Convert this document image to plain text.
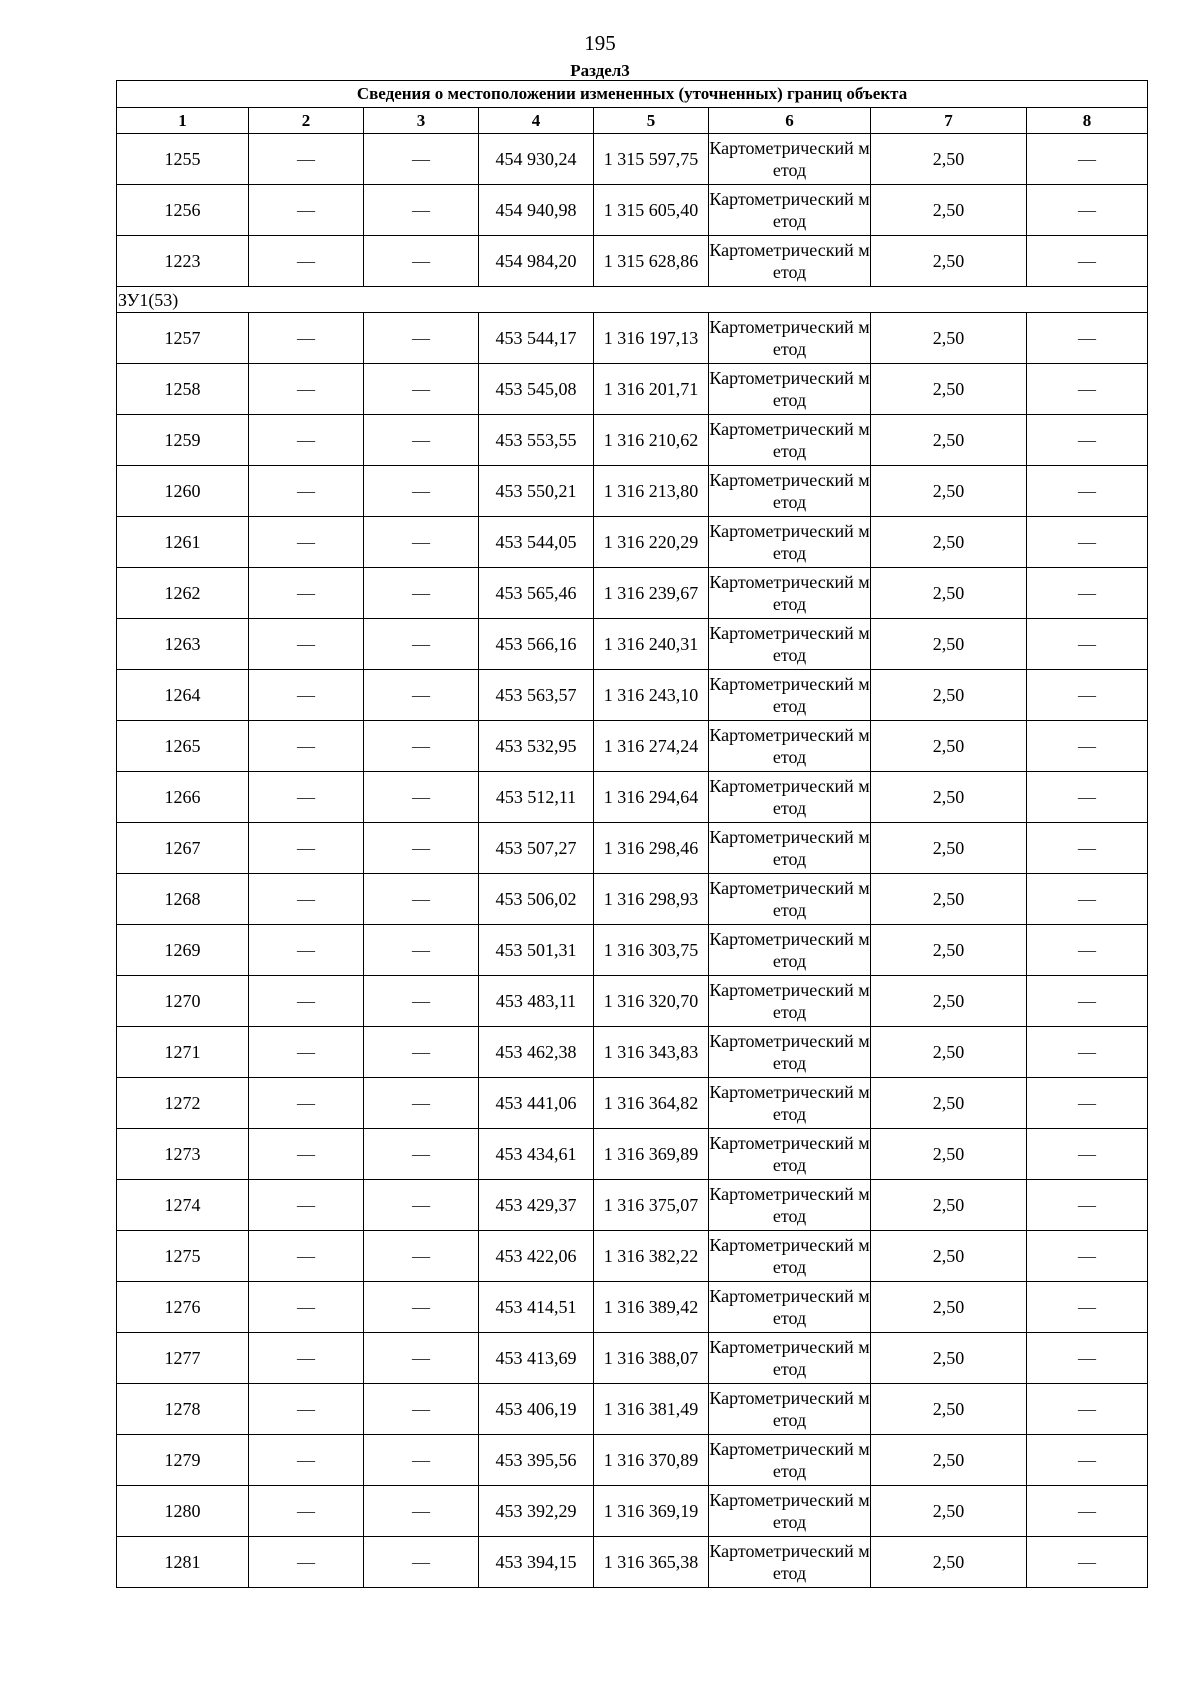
195
Раздел3
Сведения о местоположении измененных (уточненных) границ объекта							
1	2	3	4	5	6	7	8
1255	—	—	454 930,24	1 315 597,75	Картометрический метод	2,50	—
1256	—	—	454 940,98	1 315 605,40	Картометрический метод	2,50	—
1223	—	—	454 984,20	1 315 628,86	Картометрический метод	2,50	—
ЗУ1(53)							
1257	—	—	453 544,17	1 316 197,13	Картометрический метод	2,50	—
1258	—	—	453 545,08	1 316 201,71	Картометрический метод	2,50	—
1259	—	—	453 553,55	1 316 210,62	Картометрический метод	2,50	—
1260	—	—	453 550,21	1 316 213,80	Картометрический метод	2,50	—
1261	—	—	453 544,05	1 316 220,29	Картометрический метод	2,50	—
1262	—	—	453 565,46	1 316 239,67	Картометрический метод	2,50	—
1263	—	—	453 566,16	1 316 240,31	Картометрический метод	2,50	—
1264	—	—	453 563,57	1 316 243,10	Картометрический метод	2,50	—
1265	—	—	453 532,95	1 316 274,24	Картометрический метод	2,50	—
1266	—	—	453 512,11	1 316 294,64	Картометрический метод	2,50	—
1267	—	—	453 507,27	1 316 298,46	Картометрический метод	2,50	—
1268	—	—	453 506,02	1 316 298,93	Картометрический метод	2,50	—
1269	—	—	453 501,31	1 316 303,75	Картометрический метод	2,50	—
1270	—	—	453 483,11	1 316 320,70	Картометрический метод	2,50	—
1271	—	—	453 462,38	1 316 343,83	Картометрический метод	2,50	—
1272	—	—	453 441,06	1 316 364,82	Картометрический метод	2,50	—
1273	—	—	453 434,61	1 316 369,89	Картометрический метод	2,50	—
1274	—	—	453 429,37	1 316 375,07	Картометрический метод	2,50	—
1275	—	—	453 422,06	1 316 382,22	Картометрический метод	2,50	—
1276	—	—	453 414,51	1 316 389,42	Картометрический метод	2,50	—
1277	—	—	453 413,69	1 316 388,07	Картометрический метод	2,50	—
1278	—	—	453 406,19	1 316 381,49	Картометрический метод	2,50	—
1279	—	—	453 395,56	1 316 370,89	Картометрический метод	2,50	—
1280	—	—	453 392,29	1 316 369,19	Картометрический метод	2,50	—
1281	—	—	453 394,15	1 316 365,38	Картометрический метод	2,50	—
